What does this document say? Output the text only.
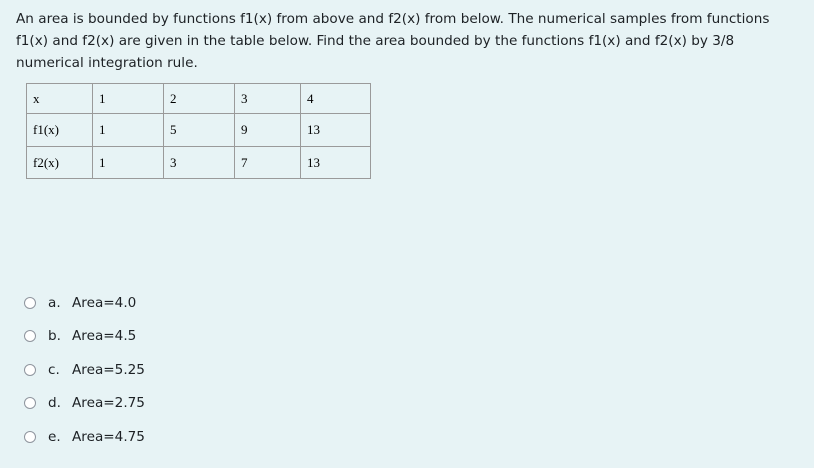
An area is bounded by functions f1(x) from above and f2(x) from below. The numerical samples from functions f1(x) and f2(x) are given in the table below. Find the area bounded by the functions f1(x) and f2(x) by 3/8 numerical integration rule.
x	1	2	3	4
f1(x)	1	5	9	13
f2(x)	1	3	7	13
a. Area=4.0
b. Area=4.5
c. Area=5.25
d. Area=2.75
e. Area=4.75
